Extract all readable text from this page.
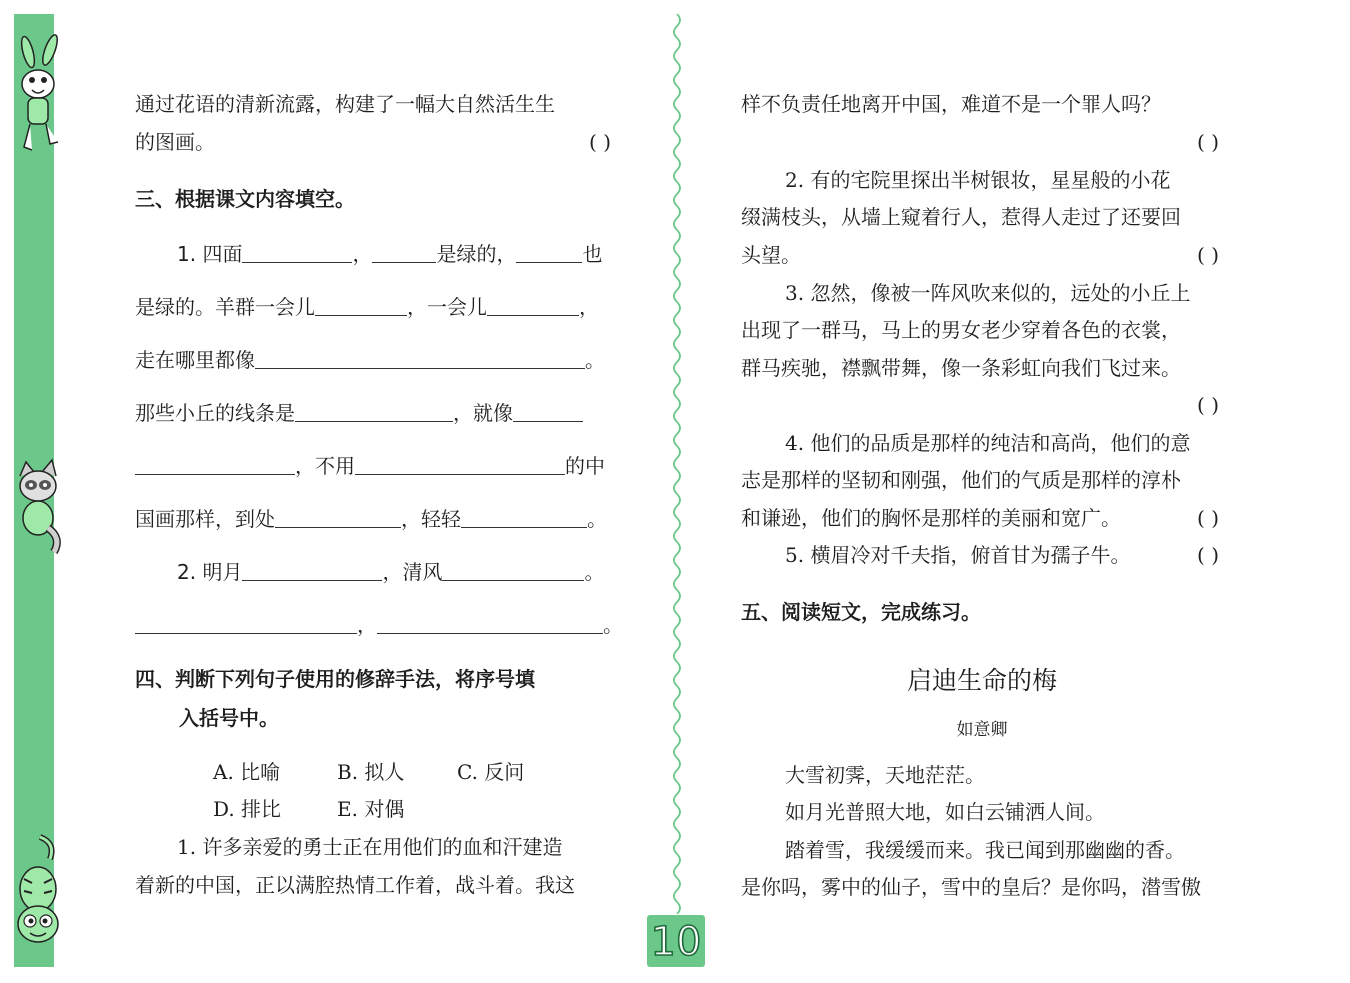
通过花语的清新流露，构建了一幅大自然活生生
的图画。	( )
三、根据课文内容填空。
1. 四面	，	是绿的，	也
是绿的。羊群一会儿	，一会儿	，
走在哪里都像	。
那些小丘的线条是	，就像
，不用	的中
国画那样，到处	，轻轻	。
2. 明月	，清风	。
，	。
四、判断下列句子使用的修辞手法，将序号填
入括号中。
A. 比喻	B. 拟人	C. 反问
D. 排比	E. 对偶
1. 许多亲爱的勇士正在用他们的血和汗建造
着新的中国，正以满腔热情工作着，战斗着。我这
样不负责任地离开中国，难道不是一个罪人吗？
( )
2. 有的宅院里探出半树银妆，星星般的小花
缀满枝头，从墙上窥着行人，惹得人走过了还要回
头望。	( )
3. 忽然，像被一阵风吹来似的，远处的小丘上
出现了一群马，马上的男女老少穿着各色的衣裳，
群马疾驰，襟飘带舞，像一条彩虹向我们飞过来。
( )
4. 他们的品质是那样的纯洁和高尚，他们的意
志是那样的坚韧和刚强，他们的气质是那样的淳朴
和谦逊，他们的胸怀是那样的美丽和宽广。	( )
5. 横眉冷对千夫指，俯首甘为孺子牛。	( )
五、阅读短文，完成练习。
启迪生命的梅
如意卿
大雪初霁，天地茫茫。
如月光普照大地，如白云铺洒人间。
踏着雪，我缓缓而来。我已闻到那幽幽的香。
是你吗，雾中的仙子，雪中的皇后？是你吗，潜雪傲
10
